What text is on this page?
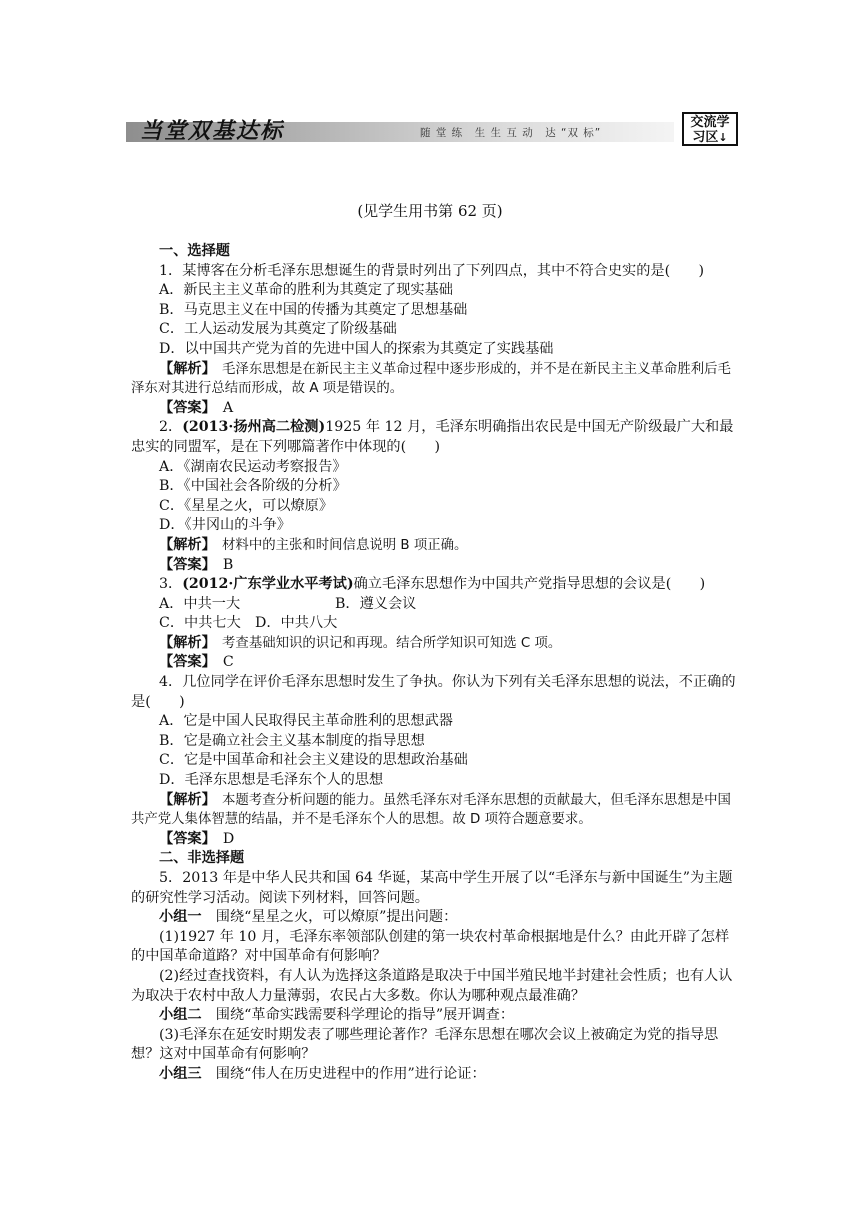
当堂双基达标	随 堂 练　生 生 互 动　达 “双 标”
交流学
习区↓
(见学生用书第 62 页)

一、选择题

1．某博客在分析毛泽东思想诞生的背景时列出了下列四点，其中不符合史实的是(　　)

A．新民主主义革命的胜利为其奠定了现实基础

B．马克思主义在中国的传播为其奠定了思想基础

C．工人运动发展为其奠定了阶级基础

D．以中国共产党为首的先进中国人的探索为其奠定了实践基础

【解析】　毛泽东思想是在新民主主义革命过程中逐步形成的，并不是在新民主主义革命胜利后毛泽东对其进行总结而形成，故 A 项是错误的。

【答案】　A

2．(2013·扬州高二检测)1925 年 12 月，毛泽东明确指出农民是中国无产阶级最广大和最忠实的同盟军，是在下列哪篇著作中体现的(　　)

A．《湖南农民运动考察报告》

B．《中国社会各阶级的分析》

C．《星星之火，可以燎原》

D．《井冈山的斗争》

【解析】　材料中的主张和时间信息说明 B 项正确。

【答案】　B

3．(2012·广东学业水平考试)确立毛泽东思想作为中国共产党指导思想的会议是(　　)

A．中共一大	B．遵义会议

C．中共七大　D．中共八大

【解析】　考查基础知识的识记和再现。结合所学知识可知选 C 项。

【答案】　C

4．几位同学在评价毛泽东思想时发生了争执。你认为下列有关毛泽东思想的说法，不正确的是(　　)

A．它是中国人民取得民主革命胜利的思想武器

B．它是确立社会主义基本制度的指导思想

C．它是中国革命和社会主义建设的思想政治基础

D．毛泽东思想是毛泽东个人的思想

【解析】　本题考查分析问题的能力。虽然毛泽东对毛泽东思想的贡献最大，但毛泽东思想是中国共产党人集体智慧的结晶，并不是毛泽东个人的思想。故 D 项符合题意要求。

【答案】　D

二、非选择题

5．2013 年是中华人民共和国 64 华诞，某高中学生开展了以“毛泽东与新中国诞生”为主题的研究性学习活动。阅读下列材料，回答问题。

小组一　围绕“星星之火，可以燎原”提出问题：

(1)1927 年 10 月，毛泽东率领部队创建的第一块农村革命根据地是什么？由此开辟了怎样的中国革命道路？对中国革命有何影响？

(2)经过查找资料，有人认为选择这条道路是取决于中国半殖民地半封建社会性质；也有人认为取决于农村中敌人力量薄弱，农民占大多数。你认为哪种观点最准确？

小组二　围绕“革命实践需要科学理论的指导”展开调查：

(3)毛泽东在延安时期发表了哪些理论著作？毛泽东思想在哪次会议上被确定为党的指导思想？这对中国革命有何影响？

小组三　围绕“伟人在历史进程中的作用”进行论证：
